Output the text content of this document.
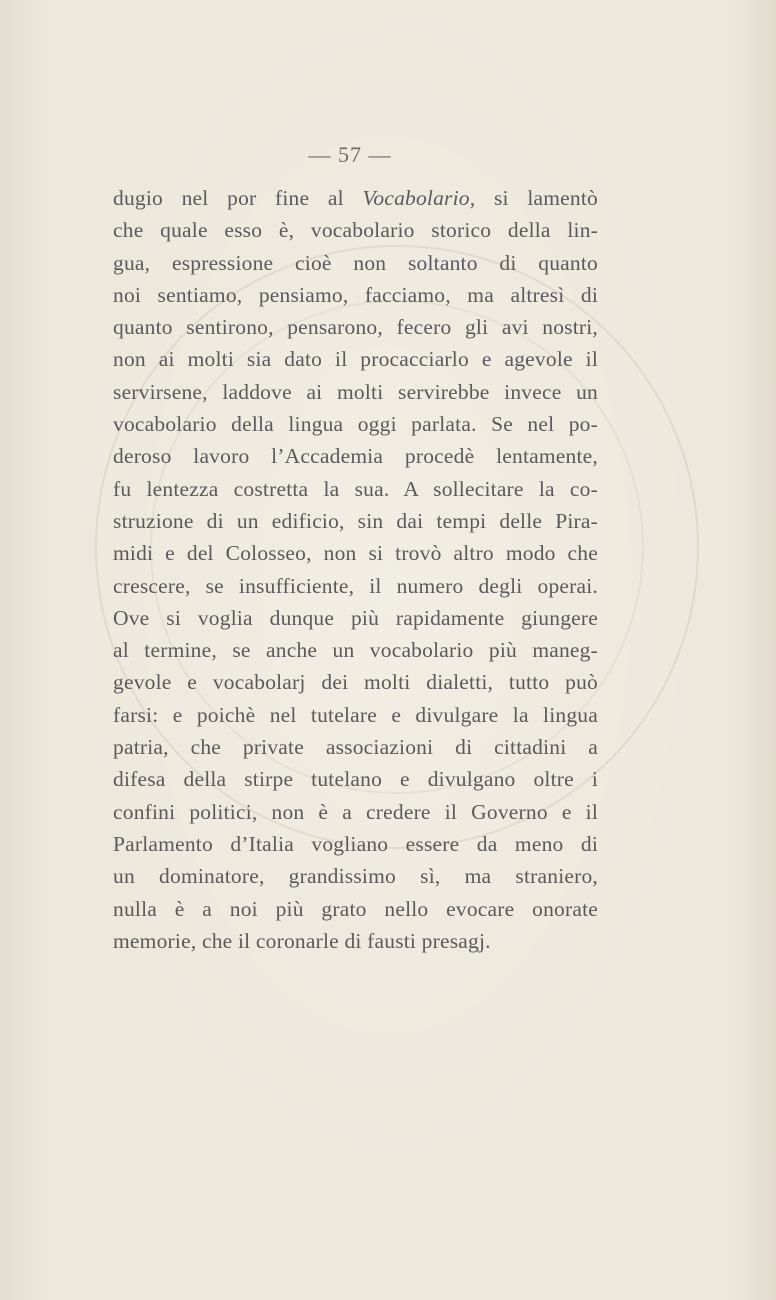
— 57 —
dugio nel por fine al Vocabolario, si lamentò
che quale esso è, vocabolario storico della lin-
gua, espressione cioè non soltanto di quanto
noi sentiamo, pensiamo, facciamo, ma altresì di
quanto sentirono, pensarono, fecero gli avi nostri,
non ai molti sia dato il procacciarlo e agevole il
servirsene, laddove ai molti servirebbe invece un
vocabolario della lingua oggi parlata. Se nel po-
deroso lavoro l’Accademia procedè lentamente,
fu lentezza costretta la sua. A sollecitare la co-
struzione di un edificio, sin dai tempi delle Pira-
midi e del Colosseo, non si trovò altro modo che
crescere, se insufficiente, il numero degli operai.
Ove si voglia dunque più rapidamente giungere
al termine, se anche un vocabolario più maneg-
gevole e vocabolarj dei molti dialetti, tutto può
farsi: e poichè nel tutelare e divulgare la lingua
patria, che private associazioni di cittadini a
difesa della stirpe tutelano e divulgano oltre i
confini politici, non è a credere il Governo e il
Parlamento d’Italia vogliano essere da meno di
un dominatore, grandissimo sì, ma straniero,
nulla è a noi più grato nello evocare onorate
memorie, che il coronarle di fausti presagj.
